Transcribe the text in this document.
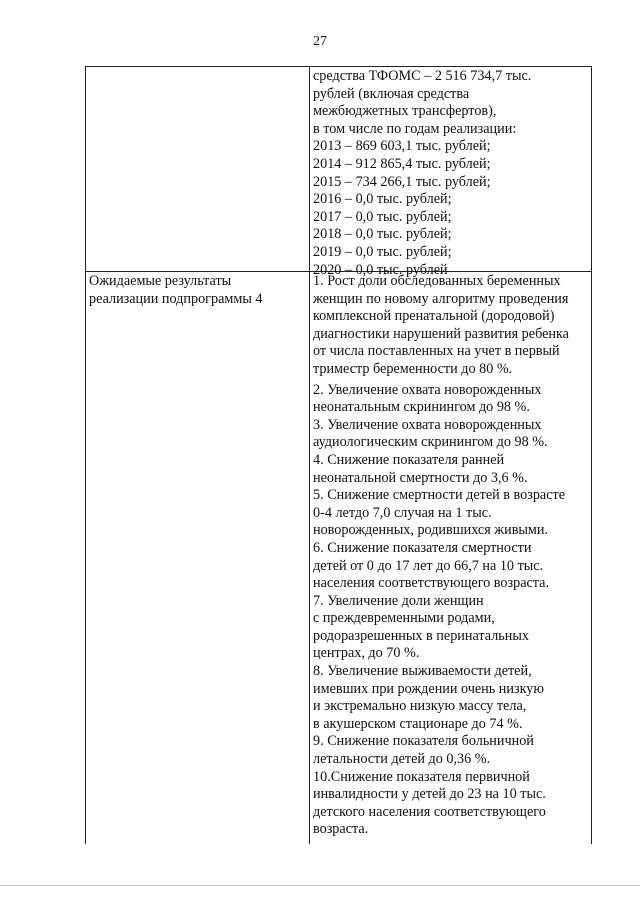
27
средства ТФОМС – 2 516 734,7 тыс.
рублей (включая средства
межбюджетных трансфертов),
в том числе по годам реализации:
2013 – 869 603,1 тыс. рублей;
2014 – 912 865,4 тыс. рублей;
2015 – 734 266,1 тыс. рублей;
2016 – 0,0 тыс. рублей;
2017 – 0,0 тыс. рублей;
2018 – 0,0 тыс. рублей;
2019 – 0,0 тыс. рублей;
2020 – 0,0 тыс. рублей
Ожидаемые результаты
реализации подпрограммы 4
1. Рост доли обследованных беременных
женщин по новому алгоритму проведения
комплексной пренатальной (дородовой)
диагностики нарушений развития ребенка
от числа поставленных на учет в первый
триместр беременности до 80 %.
2. Увеличение охвата новорожденных
неонатальным скринингом до 98 %.
3. Увеличение охвата новорожденных
аудиологическим скринингом до 98 %.
4. Снижение показателя ранней
неонатальной смертности до 3,6 %.
5. Снижение смертности детей в возрасте
0-4 летдо 7,0 случая на 1 тыс.
новорожденных, родившихся живыми.
6. Снижение показателя смертности
детей от 0 до 17 лет до 66,7 на 10 тыс.
населения соответствующего возраста.
7. Увеличение доли женщин
с преждевременными родами,
родоразрешенных в перинатальных
центрах, до 70 %.
8. Увеличение выживаемости детей,
имевших при рождении очень низкую
и экстремально низкую массу тела,
в акушерском стационаре до 74 %.
9. Снижение показателя больничной
летальности детей до 0,36 %.
10.Снижение показателя первичной
инвалидности у детей до 23 на 10 тыс.
детского населения соответствующего
возраста.
